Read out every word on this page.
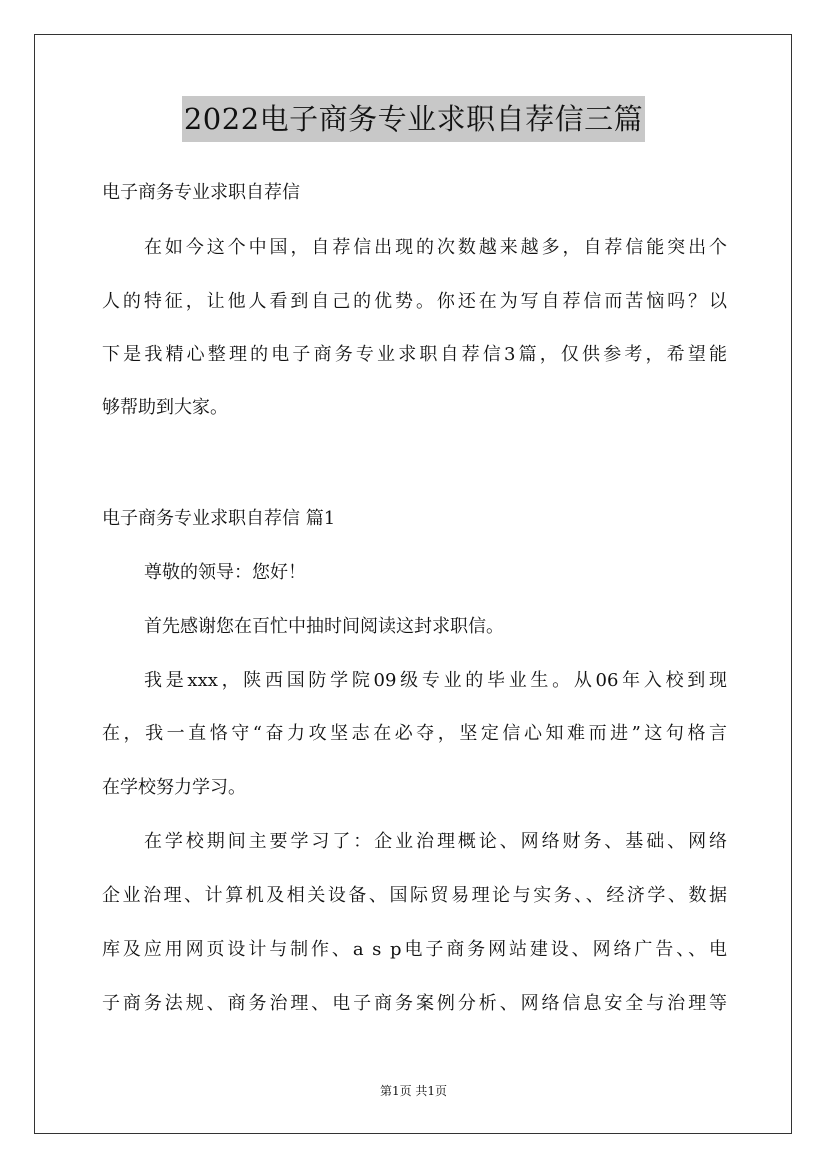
2022电子商务专业求职自荐信三篇
电子商务专业求职自荐信
在如今这个中国，自荐信出现的次数越来越多，自荐信能突出个
人的特征，让他人看到自己的优势。你还在为写自荐信而苦恼吗？以
下是我精心整理的电子商务专业求职自荐信3篇，仅供参考，希望能
够帮助到大家。
电子商务专业求职自荐信 篇1
尊敬的领导：您好！
首先感谢您在百忙中抽时间阅读这封求职信。
我是xxx，陕西国防学院09级专业的毕业生。从06年入校到现
在，我一直恪守“奋力攻坚志在必夺，坚定信心知难而进”这句格言
在学校努力学习。
在学校期间主要学习了：企业治理概论、网络财务、基础、网络
企业治理、计算机及相关设备、国际贸易理论与实务、、经济学、数据
库及应用网页设计与制作、a s p电子商务网站建设、网络广告、、电
子商务法规、商务治理、电子商务案例分析、网络信息安全与治理等
第1页 共1页
